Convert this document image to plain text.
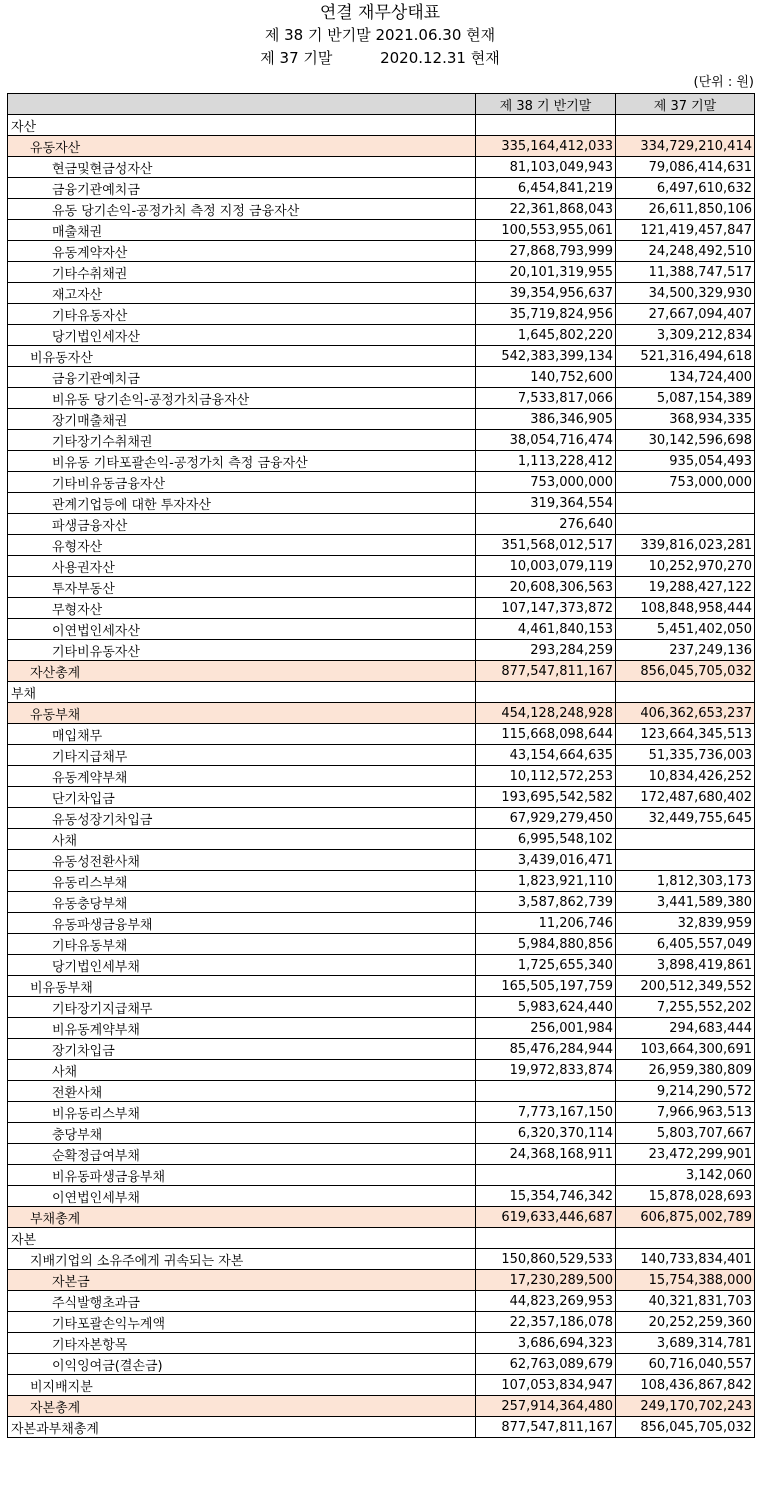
연결 재무상태표
제 38 기 반기말 2021.06.30 현재
제 37 기말          2020.12.31 현재
(단위 : 원)
	제 38 기 반기말	제 37 기말
자산		
유동자산	335,164,412,033	334,729,210,414
현금및현금성자산	81,103,049,943	79,086,414,631
금융기관예치금	6,454,841,219	6,497,610,632
유동 당기손익-공정가치 측정 지정 금융자산	22,361,868,043	26,611,850,106
매출채권	100,553,955,061	121,419,457,847
유동계약자산	27,868,793,999	24,248,492,510
기타수취채권	20,101,319,955	11,388,747,517
재고자산	39,354,956,637	34,500,329,930
기타유동자산	35,719,824,956	27,667,094,407
당기법인세자산	1,645,802,220	3,309,212,834
비유동자산	542,383,399,134	521,316,494,618
금융기관예치금	140,752,600	134,724,400
비유동 당기손익-공정가치금융자산	7,533,817,066	5,087,154,389
장기매출채권	386,346,905	368,934,335
기타장기수취채권	38,054,716,474	30,142,596,698
비유동 기타포괄손익-공정가치 측정 금융자산	1,113,228,412	935,054,493
기타비유동금융자산	753,000,000	753,000,000
관계기업등에 대한 투자자산	319,364,554	
파생금융자산	276,640	
유형자산	351,568,012,517	339,816,023,281
사용권자산	10,003,079,119	10,252,970,270
투자부동산	20,608,306,563	19,288,427,122
무형자산	107,147,373,872	108,848,958,444
이연법인세자산	4,461,840,153	5,451,402,050
기타비유동자산	293,284,259	237,249,136
자산총계	877,547,811,167	856,045,705,032
부채		
유동부채	454,128,248,928	406,362,653,237
매입채무	115,668,098,644	123,664,345,513
기타지급채무	43,154,664,635	51,335,736,003
유동계약부채	10,112,572,253	10,834,426,252
단기차입금	193,695,542,582	172,487,680,402
유동성장기차입금	67,929,279,450	32,449,755,645
사채	6,995,548,102	
유동성전환사채	3,439,016,471	
유동리스부채	1,823,921,110	1,812,303,173
유동충당부채	3,587,862,739	3,441,589,380
유동파생금융부채	11,206,746	32,839,959
기타유동부채	5,984,880,856	6,405,557,049
당기법인세부채	1,725,655,340	3,898,419,861
비유동부채	165,505,197,759	200,512,349,552
기타장기지급채무	5,983,624,440	7,255,552,202
비유동계약부채	256,001,984	294,683,444
장기차입금	85,476,284,944	103,664,300,691
사채	19,972,833,874	26,959,380,809
전환사채		9,214,290,572
비유동리스부채	7,773,167,150	7,966,963,513
충당부채	6,320,370,114	5,803,707,667
순확정급여부채	24,368,168,911	23,472,299,901
비유동파생금융부채		3,142,060
이연법인세부채	15,354,746,342	15,878,028,693
부채총계	619,633,446,687	606,875,002,789
자본		
지배기업의 소유주에게 귀속되는 자본	150,860,529,533	140,733,834,401
자본금	17,230,289,500	15,754,388,000
주식발행초과금	44,823,269,953	40,321,831,703
기타포괄손익누계액	22,357,186,078	20,252,259,360
기타자본항목	3,686,694,323	3,689,314,781
이익잉여금(결손금)	62,763,089,679	60,716,040,557
비지배지분	107,053,834,947	108,436,867,842
자본총계	257,914,364,480	249,170,702,243
자본과부채총계	877,547,811,167	856,045,705,032
